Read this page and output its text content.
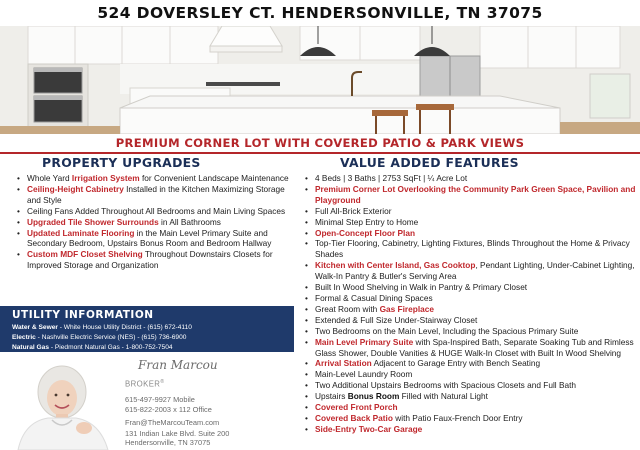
524 DOVERSLEY CT. HENDERSONVILLE, TN 37075
PREMIUM CORNER LOT WITH COVERED PATIO & PARK VIEWS
PROPERTY UPGRADES	VALUE ADDED FEATURES
• Whole Yard Irrigation System for Convenient Landscape Maintenance
• Ceiling-Height Cabinetry Installed in the Kitchen Maximizing Storage and Style
• Ceiling Fans Added Throughout All Bedrooms and Main Living Spaces
• Upgraded Tile Shower Surrounds in All Bathrooms
• Updated Laminate Flooring in the Main Level Primary Suite and Secondary Bedroom, Upstairs Bonus Room and Bedroom Hallway
• Custom MDF Closet Shelving Throughout Downstairs Closets for Improved Storage and Organization
UTILITY INFORMATION
Water & Sewer - White House Utility District - (615) 672-4110
Electric - Nashville Electric Service (NES) - (615) 736-6900
Natural Gas - Piedmont Natural Gas - 1-800-752-7504
Fran Marcou
BROKER®
615-497-9927 Mobile
615-822-2003 x 112 Office
Fran@TheMarcouTeam.com
131 Indian Lake Blvd. Suite 200
Hendersonville, TN 37075
• 4 Beds | 3 Baths | 2753 SqFt | ¼ Acre Lot
• Premium Corner Lot Overlooking the Community Park Green Space, Pavilion and Playground
• Full All-Brick Exterior
• Minimal Step Entry to Home
• Open-Concept Floor Plan
• Top-Tier Flooring, Cabinetry, Lighting Fixtures, Blinds Throughout the Home & Privacy Shades
• Kitchen with Center Island, Gas Cooktop, Pendant Lighting, Under-Cabinet Lighting, Walk-In Pantry & Butler's Serving Area
• Built In Wood Shelving in Walk in Pantry & Primary Closet
• Formal & Casual Dining Spaces
• Great Room with Gas Fireplace
• Extended & Full Size Under-Stairway Closet
• Two Bedrooms on the Main Level, Including the Spacious Primary Suite
• Main Level Primary Suite with Spa-Inspired Bath, Separate Soaking Tub and Rimless Glass Shower, Double Vanities & HUGE Walk-In Closet with Built In Wood Shelving
• Arrival Station Adjacent to Garage Entry with Bench Seating
• Main-Level Laundry Room
• Two Additional Upstairs Bedrooms with Spacious Closets and Full Bath
• Upstairs Bonus Room Filled with Natural Light
• Covered Front Porch
• Covered Back Patio with Patio Faux-French Door Entry
• Side-Entry Two-Car Garage
